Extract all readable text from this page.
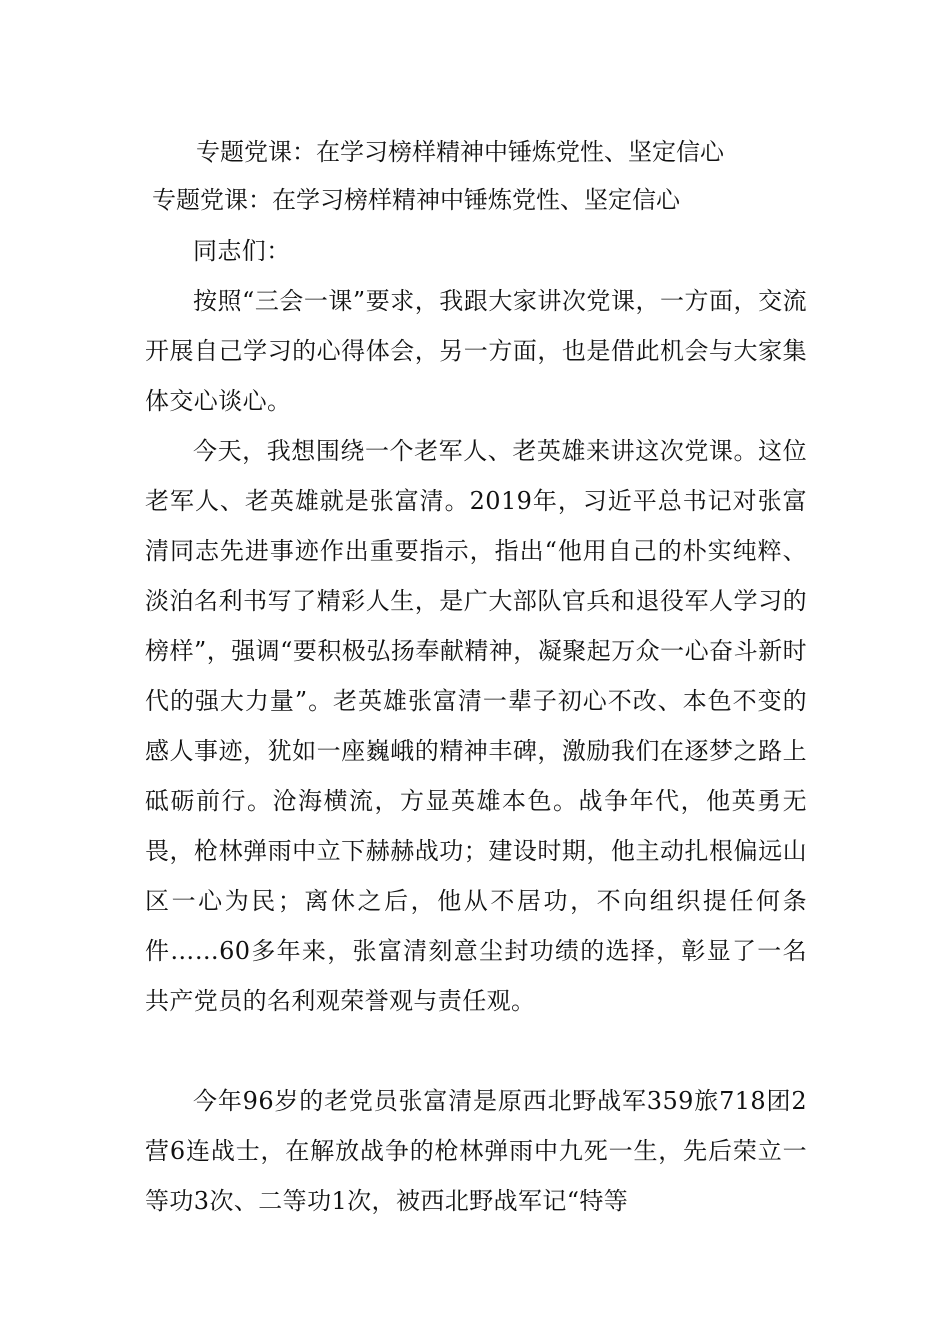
专题党课：在学习榜样精神中锤炼党性、坚定信心
专题党课：在学习榜样精神中锤炼党性、坚定信心

同志们：

按照“三会一课”要求，我跟大家讲次党课，一方面，交流开展自己学习的心得体会，另一方面，也是借此机会与大家集体交心谈心。

今天，我想围绕一个老军人、老英雄来讲这次党课。这位老军人、老英雄就是张富清。2019年，习近平总书记对张富清同志先进事迹作出重要指示，指出“他用自己的朴实纯粹、淡泊名利书写了精彩人生，是广大部队官兵和退役军人学习的榜样”，强调“要积极弘扬奉献精神，凝聚起万众一心奋斗新时代的强大力量”。老英雄张富清一辈子初心不改、本色不变的感人事迹，犹如一座巍峨的精神丰碑，激励我们在逐梦之路上砥砺前行。沧海横流，方显英雄本色。战争年代，他英勇无畏，枪林弹雨中立下赫赫战功；建设时期，他主动扎根偏远山区一心为民；离休之后，他从不居功，不向组织提任何条件……60多年来，张富清刻意尘封功绩的选择，彰显了一名共产党员的名利观荣誉观与责任观。

今年96岁的老党员张富清是原西北野战军359旅718团2营6连战士，在解放战争的枪林弹雨中九死一生，先后荣立一等功3次、二等功1次，被西北野战军记“特等
